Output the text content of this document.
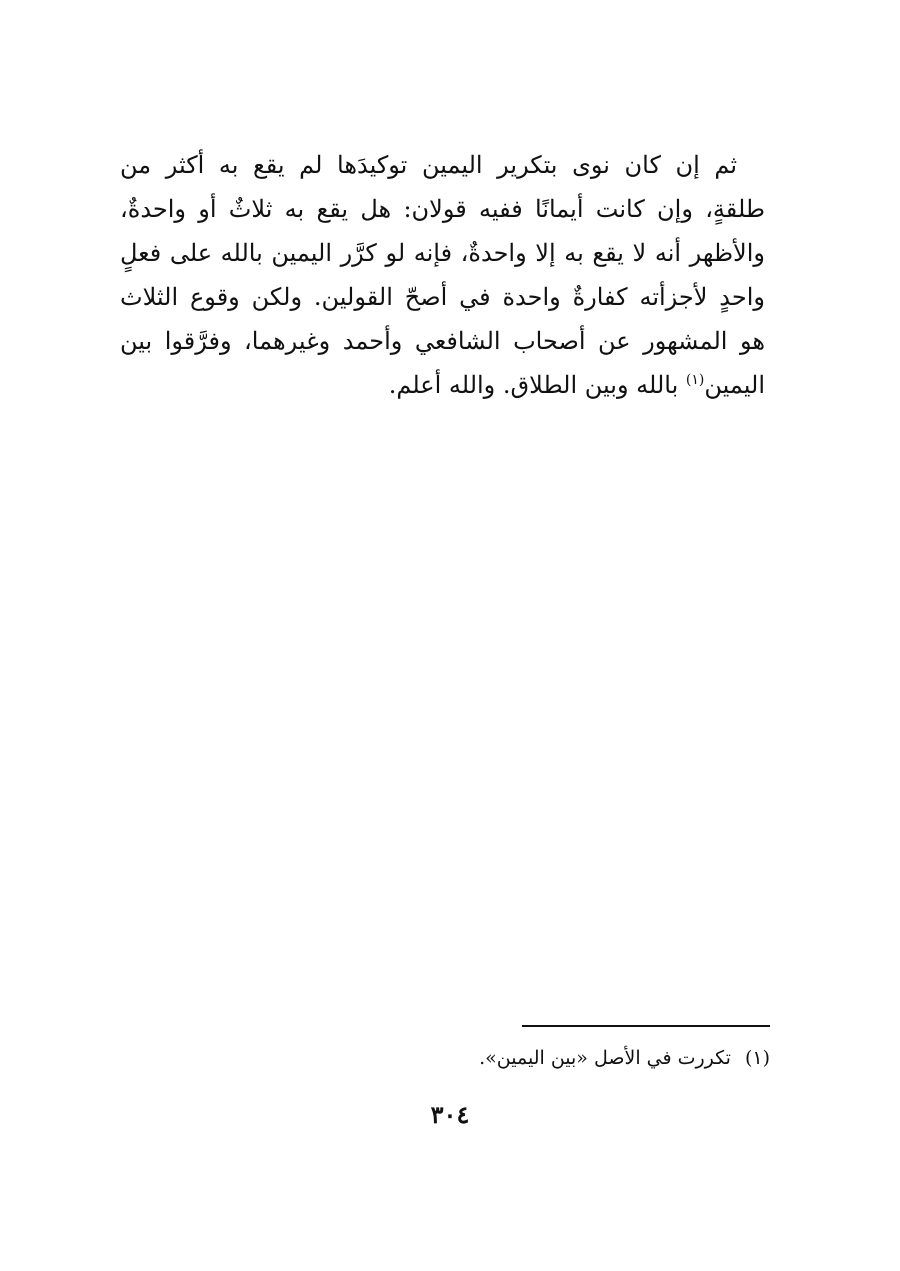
ثم إن كان نوى بتكرير اليمين توكيدَها لم يقع به أكثر من
طلقةٍ، وإن كانت أيمانًا ففيه قولان: هل يقع به ثلاثٌ أو واحدةٌ،
والأظهر أنه لا يقع به إلا واحدةٌ، فإنه لو كرَّر اليمين بالله على فعلٍ
واحدٍ لأجزأته كفارةٌ واحدة في أصحّ القولين. ولكن وقوع الثلاث
هو المشهور عن أصحاب الشافعي وأحمد وغيرهما، وفرَّقوا بين
اليمين$^{(١)}$ بالله وبين الطلاق. والله أعلم.
(١)تكررت في الأصل «بين اليمين».
٣٠٤
